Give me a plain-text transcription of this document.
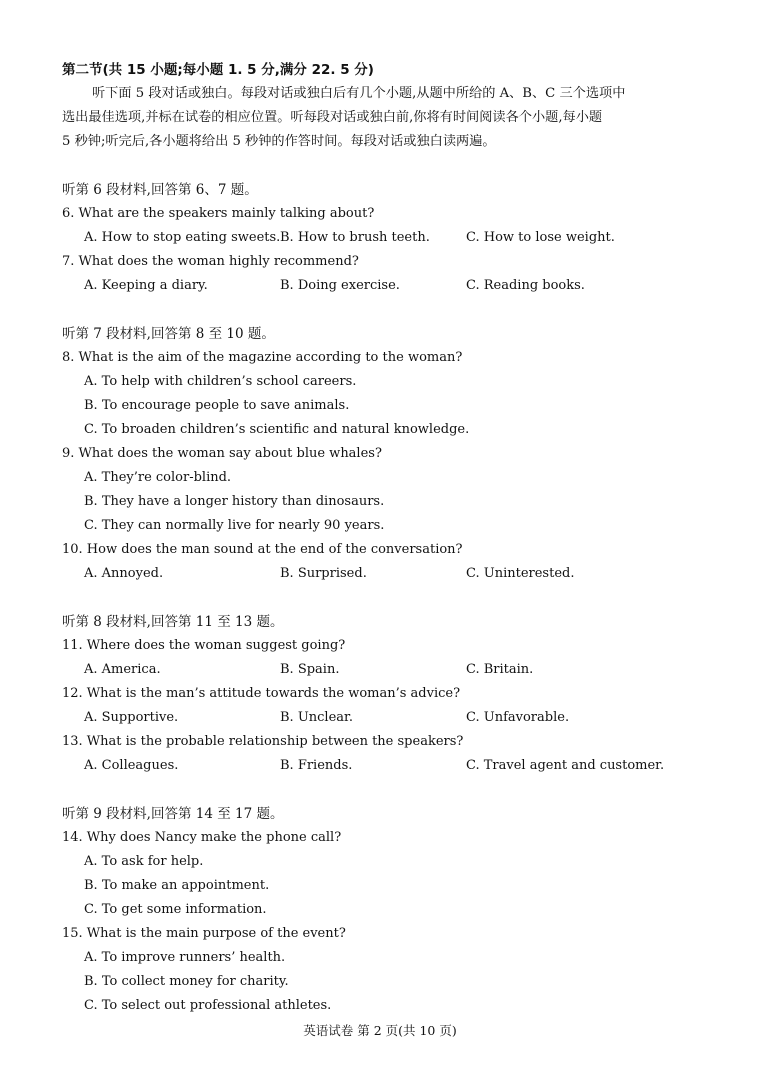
第二节(共 15 小题;每小题 1. 5 分,满分 22. 5 分)
听下面 5 段对话或独白。每段对话或独白后有几个小题,从题中所给的 A、B、C 三个选项中
选出最佳选项,并标在试卷的相应位置。听每段对话或独白前,你将有时间阅读各个小题,每小题
5 秒钟;听完后,各小题将给出 5 秒钟的作答时间。每段对话或独白读两遍。
听第 6 段材料,回答第 6、7 题。
6. What are the speakers mainly talking about?
A. How to stop eating sweets. B. How to brush teeth.	C. How to lose weight.
7. What does the woman highly recommend?
A. Keeping a diary.	B. Doing exercise.	C. Reading books.
听第 7 段材料,回答第 8 至 10 题。
8. What is the aim of the magazine according to the woman?
A. To help with children’s school careers.
B. To encourage people to save animals.
C. To broaden children’s scientific and natural knowledge.
9. What does the woman say about blue whales?
A. They’re color-blind.
B. They have a longer history than dinosaurs.
C. They can normally live for nearly 90 years.
10. How does the man sound at the end of the conversation?
A. Annoyed.	B. Surprised.	C. Uninterested.
听第 8 段材料,回答第 11 至 13 题。
11. Where does the woman suggest going?
A. America.	B. Spain.	C. Britain.
12. What is the man’s attitude towards the woman’s advice?
A. Supportive.	B. Unclear.	C. Unfavorable.
13. What is the probable relationship between the speakers?
A. Colleagues.	B. Friends.	C. Travel agent and customer.
听第 9 段材料,回答第 14 至 17 题。
14. Why does Nancy make the phone call?
A. To ask for help.
B. To make an appointment.
C. To get some information.
15. What is the main purpose of the event?
A. To improve runners’ health.
B. To collect money for charity.
C. To select out professional athletes.
英语试卷 第 2 页(共 10 页)
